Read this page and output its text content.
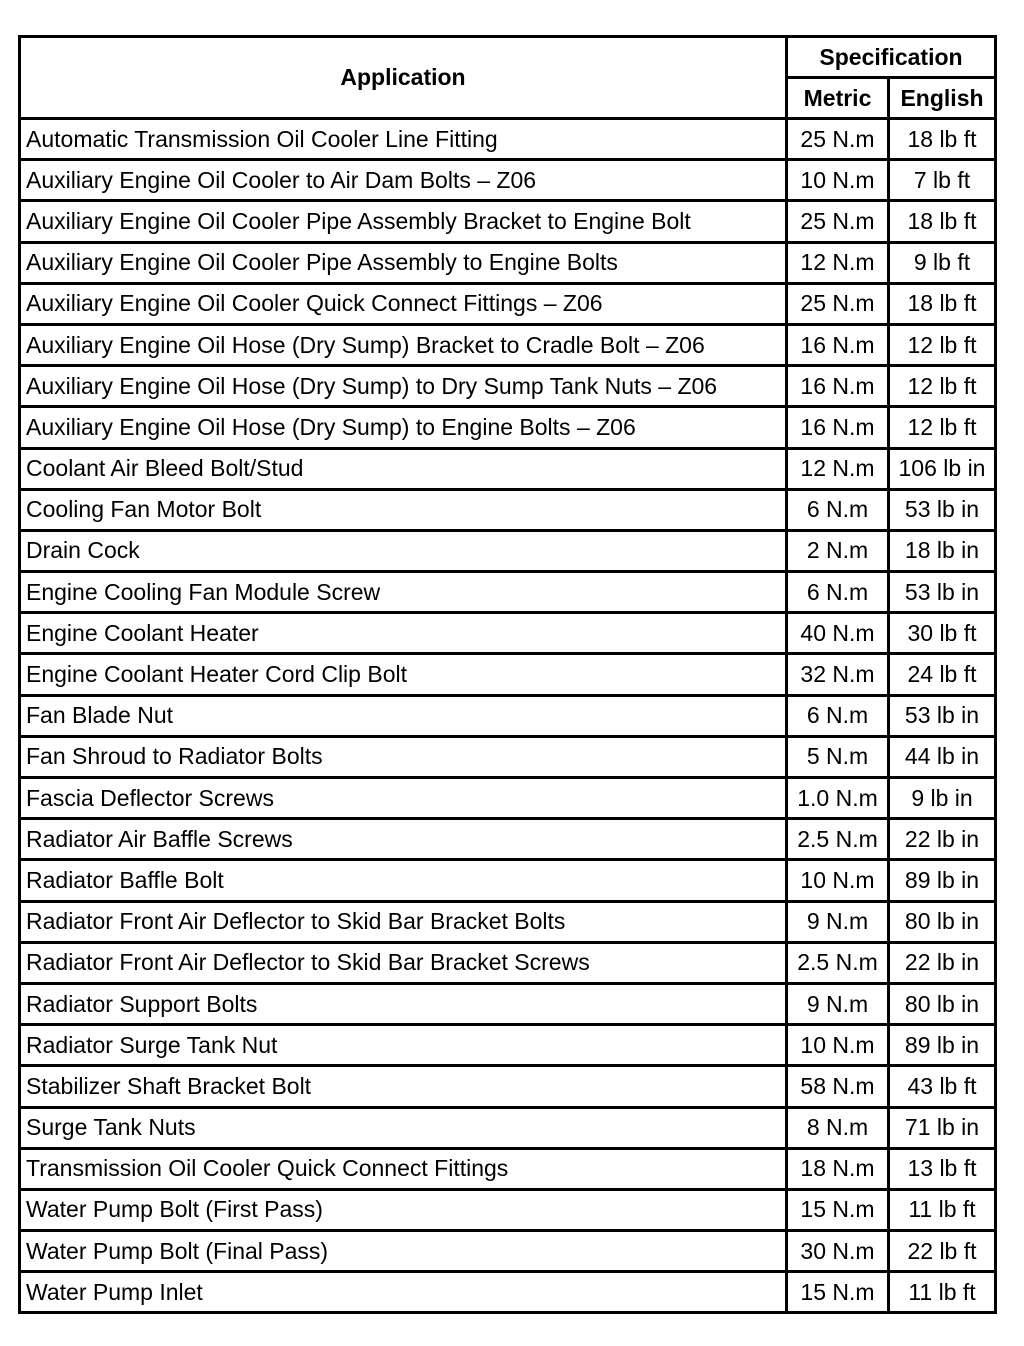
Application	Specification	
	Metric	English
Automatic Transmission Oil Cooler Line Fitting	25 N.m	18 lb ft
Auxiliary Engine Oil Cooler to Air Dam Bolts – Z06	10 N.m	7 lb ft
Auxiliary Engine Oil Cooler Pipe Assembly Bracket to Engine Bolt	25 N.m	18 lb ft
Auxiliary Engine Oil Cooler Pipe Assembly to Engine Bolts	12 N.m	9 lb ft
Auxiliary Engine Oil Cooler Quick Connect Fittings – Z06	25 N.m	18 lb ft
Auxiliary Engine Oil Hose (Dry Sump) Bracket to Cradle Bolt – Z06	16 N.m	12 lb ft
Auxiliary Engine Oil Hose (Dry Sump) to Dry Sump Tank Nuts – Z06	16 N.m	12 lb ft
Auxiliary Engine Oil Hose (Dry Sump) to Engine Bolts – Z06	16 N.m	12 lb ft
Coolant Air Bleed Bolt/Stud	12 N.m	106 lb in
Cooling Fan Motor Bolt	6 N.m	53 lb in
Drain Cock	2 N.m	18 lb in
Engine Cooling Fan Module Screw	6 N.m	53 lb in
Engine Coolant Heater	40 N.m	30 lb ft
Engine Coolant Heater Cord Clip Bolt	32 N.m	24 lb ft
Fan Blade Nut	6 N.m	53 lb in
Fan Shroud to Radiator Bolts	5 N.m	44 lb in
Fascia Deflector Screws	1.0 N.m	9 lb in
Radiator Air Baffle Screws	2.5 N.m	22 lb in
Radiator Baffle Bolt	10 N.m	89 lb in
Radiator Front Air Deflector to Skid Bar Bracket Bolts	9 N.m	80 lb in
Radiator Front Air Deflector to Skid Bar Bracket Screws	2.5 N.m	22 lb in
Radiator Support Bolts	9 N.m	80 lb in
Radiator Surge Tank Nut	10 N.m	89 lb in
Stabilizer Shaft Bracket Bolt	58 N.m	43 lb ft
Surge Tank Nuts	8 N.m	71 lb in
Transmission Oil Cooler Quick Connect Fittings	18 N.m	13 lb ft
Water Pump Bolt (First Pass)	15 N.m	11 lb ft
Water Pump Bolt (Final Pass)	30 N.m	22 lb ft
Water Pump Inlet	15 N.m	11 lb ft
